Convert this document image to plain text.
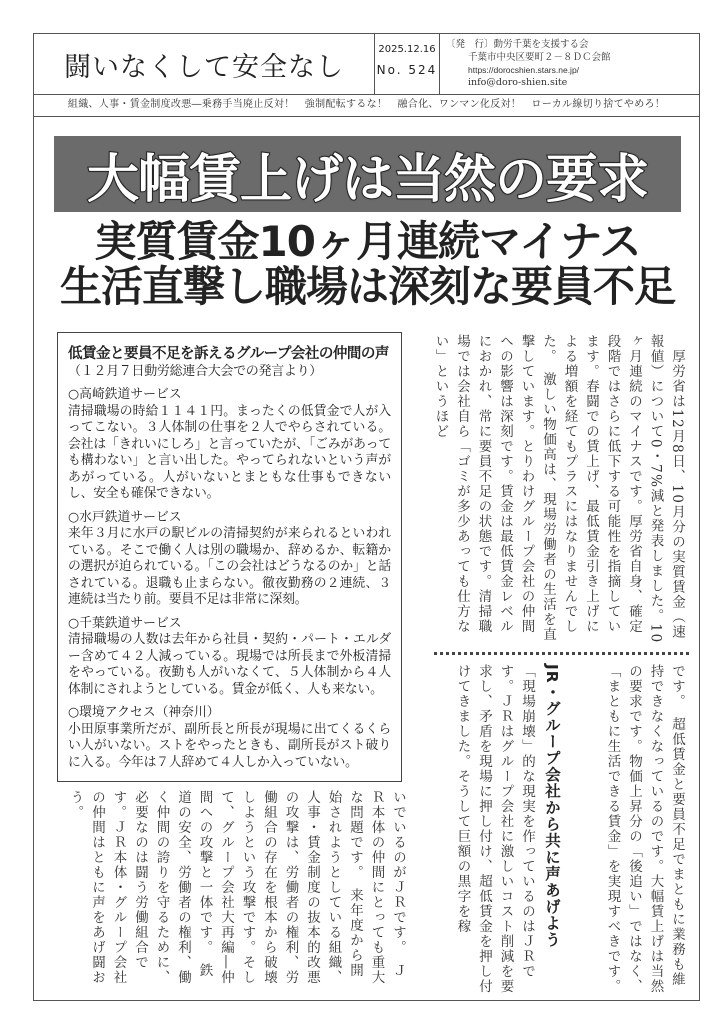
闘いなくして安全なし
2025.12.16
No. 524
〔発　行〕動労千葉を支援する会
千葉市中央区要町２－８ＤＣ会館
https://dorocshien.stars.ne.jp/
info@doro-shien.site
組織、人事・賃金制度改悪―乗務手当廃止反対！　強制配転するな！　融合化、ワンマン化反対！　ローカル線切り捨てやめろ！
大幅賃上げは当然の要求
実質賃金10ヶ月連続マイナス
生活直撃し職場は深刻な要員不足
低賃金と要員不足を訴えるグループ会社の仲間の声
（１２月７日動労総連合大会での発言より）
○高崎鉄道サービス
清掃職場の時給１１４１円。まったくの低賃金で人が入ってこない。３人体制の仕事を２人でやらされている。会社は「きれいにしろ」と言っていたが、「ごみがあっても構わない」と言い出した。やってられないという声があがっている。人がいないとまともな仕事もできないし、安全も確保できない。
○水戸鉄道サービス
来年３月に水戸の駅ビルの清掃契約が来られるといわれている。そこで働く人は別の職場か、辞めるか、転籍かの選択が迫られている。「この会社はどうなるのか」と話されている。退職も止まらない。徹夜勤務の２連続、３連続は当たり前。要員不足は非常に深刻。
○千葉鉄道サービス
清掃職場の人数は去年から社員・契約・パート・エルダー含めて４２人減っている。現場では所長まで外板清掃をやっている。夜勤も人がいなくて、５人体制から４人体制にされようとしている。賃金が低く、人も来ない。
○環境アクセス（神奈川）
小田原事業所だが、副所長と所長が現場に出てくるくらい人がいない。ストをやったときも、副所長がスト破りに入る。今年は７人辞めて４人しか入っていない。
　厚労省は12月8日、10月分の実質賃金（速報値）について0・7%減と発表しました。10ヶ月連続のマイナスです。厚労省自身、確定段階ではさらに低下する可能性を指摘しています。春闘での賃上げ、最低賃金引き上げによる増額を経てもプラスにはなりませんでした。　激しい物価高は、現場労働者の生活を直撃しています。とりわけグループ会社の仲間への影響は深刻です。賃金は最低賃金レベルにおかれ、常に要員不足の状態です。清掃職場では会社自ら「ゴミが多少あっても仕方ない」というほど
です。　超低賃金と要員不足でまともに業務も維持できなくなっているのです。大幅賃上げは当然の要求です。物価上昇分の「後追い」ではなく、「まともに生活できる賃金」を実現すべきです。
JR・グループ会社から共に声あげよう
「現場崩壊」的な現実を作っているのはＪＲです。ＪＲはグループ会社に激しいコスト削減を要求し、矛盾を現場に押し付け、超低賃金を押し付けてきました。そうして巨額の黒字を稼
いでいるのがＪＲです。　ＪＲ本体の仲間にとっても重大な問題です。　来年度から開始されようとしている組織、人事・賃金制度の抜本的改悪の攻撃は、労働者の権利、労働組合の存在を根本から破壊しようという攻撃です。そして、グループ会社大再編―仲間への攻撃と一体です。　鉄道の安全、労働者の権利、働く仲間の誇りを守るために、必要なのは闘う労働組合です。ＪＲ本体・グループ会社の仲間はともに声をあげ闘おう。
